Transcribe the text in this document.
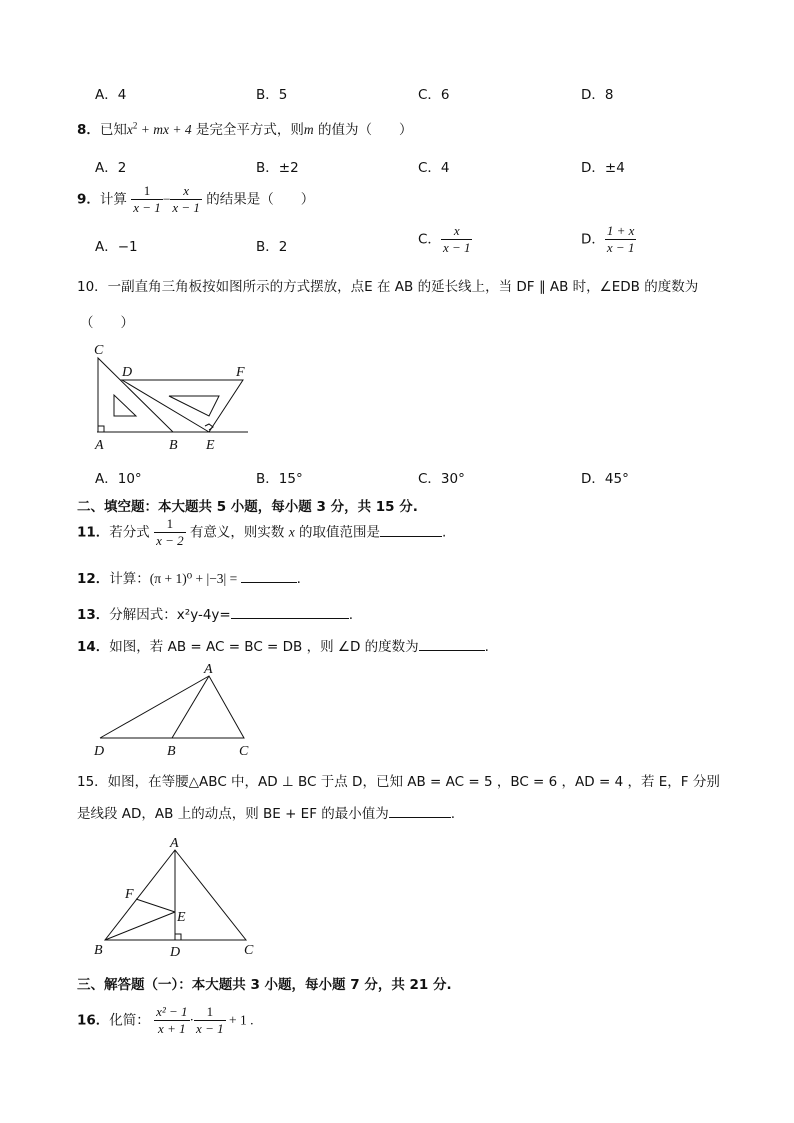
A．4	B．5	C．6	D．8
8．已知$x^2$ + mx + 4 是完全平方式，则m 的值为（　　）
A．2	B．±2	C．4	D．±4
9．计算 $\frac{1}{x - 1} - \frac{x}{x - 1}$ 的结果是（　　）
A．−1	B．2	C． $\frac{x}{x - 1}$	D． $\frac{1 + x}{x - 1}$
10．一副直角三角板按如图所示的方式摆放，点E 在 AB 的延长线上，当 DF ∥ AB 时，∠EDB 的度数为
（　　）
C
D	F
A	B E
A．10°	B．15°	C．30°	D．45°
二、填空题：本大题共 5 小题，每小题 3 分，共 15 分.
11．若分式 $\frac{1}{x - 2}$ 有意义，则实数 x 的取值范围是	.
12．计算：(π + 1)⁰ + |−3| =	.
13．分解因式：x²y-4y=	.
14．如图，若 AB = AC = BC = DB ，则 ∠D 的度数为	.
A
D	B	C
15．如图，在等腰△ABC 中，AD ⊥ BC 于点 D，已知 AB = AC = 5 ，BC = 6 ，AD = 4 ，若 E，F 分别
是线段 AD，AB 上的动点，则 BE + EF 的最小值为	.
A
F
E
B	D	C
三、解答题（一）：本大题共 3 小题，每小题 7 分，共 21 分.
16．化简： $\frac{\text{x² − 1}}{x + 1} \cdot \frac{1}{x - 1} + 1$ .
